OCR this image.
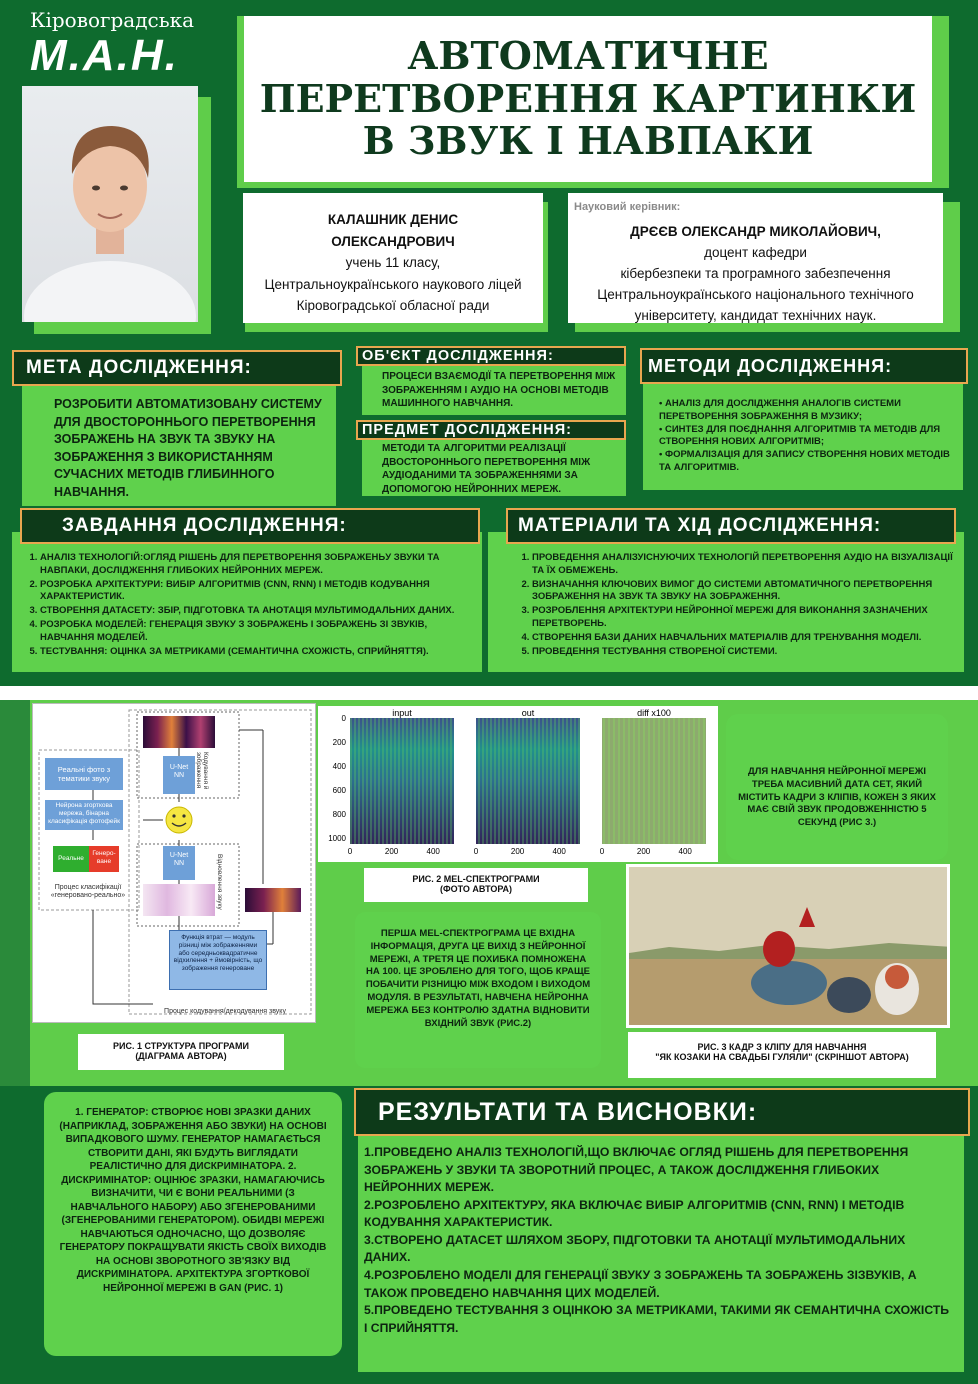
Кіровоградська
М.А.Н.	АВТОМАТИЧНЕ
ПЕРЕТВОРЕННЯ КАРТИНКИ
В ЗВУК І НАВПАКИ
КАЛАШНИК ДЕНИС
ОЛЕКСАНДРОВИЧ
учень 11 класу,
Центральноукраїнського наукового ліцей
Кіровоградської обласної ради
Науковий керівник:
ДРЄЄВ ОЛЕКСАНДР МИКОЛАЙОВИЧ,
доцент кафедри
кібербезпеки та програмного забезпечення
Центральноукраїнського національного технічного
університету, кандидат технічних наук.
РОЗРОБИТИ АВТОМАТИЗОВАНУ СИСТЕМУ ДЛЯ ДВОСТОРОННЬОГО ПЕРЕТВОРЕННЯ ЗОБРАЖЕНЬ НА ЗВУК ТА ЗВУКУ НА ЗОБРАЖЕННЯ З ВИКОРИСТАННЯМ СУЧАСНИХ МЕТОДІВ ГЛИБИННОГО НАВЧАННЯ.
МЕТА ДОСЛІДЖЕННЯ:	ПРОЦЕСИ ВЗАЄМОДІЇ ТА ПЕРЕТВОРЕННЯ МІЖ ЗОБРАЖЕННЯМ І АУДІО НА ОСНОВІ МЕТОДІВ МАШИННОГО НАВЧАННЯ.
ОБ'ЄКТ ДОСЛІДЖЕННЯ:
МЕТОДИ ТА АЛГОРИТМИ РЕАЛІЗАЦІЇ ДВОСТОРОННЬОГО ПЕРЕТВОРЕННЯ МІЖ АУДІОДАНИМИ ТА ЗОБРАЖЕННЯМИ ЗА ДОПОМОГОЮ НЕЙРОННИХ МЕРЕЖ.
ПРЕДМЕТ ДОСЛІДЖЕННЯ:
• АНАЛІЗ ДЛЯ ДОСЛІДЖЕННЯ АНАЛОГІВ СИСТЕМИ ПЕРЕТВОРЕННЯ ЗОБРАЖЕННЯ В МУЗИКУ;
• СИНТЕЗ ДЛЯ ПОЄДНАННЯ АЛГОРИТМІВ ТА МЕТОДІВ ДЛЯ СТВОРЕННЯ НОВИХ АЛГОРИТМІВ;
• ФОРМАЛІЗАЦІЯ ДЛЯ ЗАПИСУ СТВОРЕННЯ НОВИХ МЕТОДІВ ТА АЛГОРИТМІВ.
МЕТОДИ ДОСЛІДЖЕННЯ:
1. АНАЛІЗ ТЕХНОЛОГІЙ:ОГЛЯД РІШЕНЬ ДЛЯ ПЕРЕТВОРЕННЯ ЗОБРАЖЕНЬУ ЗВУКИ ТА НАВПАКИ, ДОСЛІДЖЕННЯ ГЛИБОКИХ НЕЙРОННИХ МЕРЕЖ.
2. РОЗРОБКА АРХІТЕКТУРИ: ВИБІР АЛГОРИТМІВ (CNN, RNN) І МЕТОДІВ КОДУВАННЯ ХАРАКТЕРИСТИК.
3. СТВОРЕННЯ ДАТАСЕТУ: ЗБІР, ПІДГОТОВКА ТА АНОТАЦІЯ МУЛЬТИМОДАЛЬНИХ ДАНИХ.
4. РОЗРОБКА МОДЕЛЕЙ: ГЕНЕРАЦІЯ ЗВУКУ З ЗОБРАЖЕНЬ І ЗОБРАЖЕНЬ ЗІ ЗВУКІВ, НАВЧАННЯ МОДЕЛЕЙ.
5. ТЕСТУВАННЯ: ОЦІНКА ЗА МЕТРИКАМИ (СЕМАНТИЧНА СХОЖІСТЬ, СПРИЙНЯТТЯ).
ЗАВДАННЯ ДОСЛІДЖЕННЯ:
1. ПРОВЕДЕННЯ АНАЛІЗУІСНУЮЧИХ ТЕХНОЛОГІЙ ПЕРЕТВОРЕННЯ АУДІО НА ВІЗУАЛІЗАЦІЇ ТА ЇХ ОБМЕЖЕНЬ.
2. ВИЗНАЧАННЯ КЛЮЧОВИХ ВИМОГ ДО СИСТЕМИ АВТОМАТИЧНОГО ПЕРЕТВОРЕННЯ ЗОБРАЖЕННЯ НА ЗВУК ТА ЗВУКУ НА ЗОБРАЖЕННЯ.
3. РОЗРОБЛЕННЯ АРХІТЕКТУРИ НЕЙРОННОЇ МЕРЕЖІ ДЛЯ ВИКОНАННЯ ЗАЗНАЧЕНИХ ПЕРЕТВОРЕНЬ.
4. СТВОРЕННЯ БАЗИ ДАНИХ НАВЧАЛЬНИХ МАТЕРІАЛІВ ДЛЯ ТРЕНУВАННЯ МОДЕЛІ.
5. ПРОВЕДЕННЯ ТЕСТУВАННЯ СТВОРЕНОЇ СИСТЕМИ.
МАТЕРІАЛИ ТА ХІД ДОСЛІДЖЕННЯ:
Реальні фото з тематики звуку
Нейрона згорткова мережа, бінарна класифікація фотофейк
Реальне
Генеро-ване
Процес класифікації «генеровано-реально»
U-Net NN
U-Net NN
Кодування й зображення
Відновлення звуку
Функція втрат — модуль різниці між зображеннями або середньоквадратичне відхилення + ймовірність, що зображення генероване
Процес кодування/декодування звуку
РИС. 1 СТРУКТУРА ПРОГРАМИ
(ДІАГРАМА АВТОРА)
input
0	200	400
out
0	200	400
diff x100
0	200	400
0
200
400
600
800
1000
РИС. 2 MEL-СПЕКТРОГРАМИ
(ФОТО АВТОРА)
ПЕРША MEL-СПЕКТРОГРАМА ЦЕ ВХІДНА ІНФОРМАЦІЯ, ДРУГА ЦЕ ВИХІД З НЕЙРОННОЇ МЕРЕЖІ, А ТРЕТЯ ЦЕ ПОХИБКА ПОМНОЖЕНА НА 100. ЦЕ ЗРОБЛЕНО ДЛЯ ТОГО, ЩОБ КРАЩЕ ПОБАЧИТИ РІЗНИЦЮ МІЖ ВХОДОМ І ВИХОДОМ МОДУЛЯ. В РЕЗУЛЬТАТІ, НАВЧЕНА НЕЙРОННА МЕРЕЖА БЕЗ КОНТРОЛЮ ЗДАТНА ВІДНОВИТИ ВХІДНИЙ ЗВУК (РИС.2)
ДЛЯ НАВЧАННЯ НЕЙРОННОЇ МЕРЕЖІ ТРЕБА МАСИВНИЙ ДАТА СЕТ, ЯКИЙ МІСТИТЬ КАДРИ З КЛІПІВ, КОЖЕН З ЯКИХ МАЄ СВІЙ ЗВУК ПРОДОВЖЕННІСТЮ 5 СЕКУНД (РИС 3.)
РИС. 3 КАДР З КЛІПУ ДЛЯ НАВЧАННЯ
"ЯК КОЗАКИ НА СВАДЬБІ ГУЛЯЛИ" (СКРІНШОТ АВТОРА)
1. ГЕНЕРАТОР: СТВОРЮЄ НОВІ ЗРАЗКИ ДАНИХ (НАПРИКЛАД, ЗОБРАЖЕННЯ АБО ЗВУКИ) НА ОСНОВІ ВИПАДКОВОГО ШУМУ. ГЕНЕРАТОР НАМАГАЄТЬСЯ СТВОРИТИ ДАНІ, ЯКІ БУДУТЬ ВИГЛЯДАТИ РЕАЛІСТИЧНО ДЛЯ ДИСКРИМІНАТОРА. 2. ДИСКРИМІНАТОР: ОЦІНЮЄ ЗРАЗКИ, НАМАГАЮЧИСЬ ВИЗНАЧИТИ, ЧИ Є ВОНИ РЕАЛЬНИМИ (З НАВЧАЛЬНОГО НАБОРУ) АБО ЗГЕНЕРОВАНИМИ (ЗГЕНЕРОВАНИМИ ГЕНЕРАТОРОМ). ОБИДВІ МЕРЕЖІ НАВЧАЮТЬСЯ ОДНОЧАСНО, ЩО ДОЗВОЛЯЄ ГЕНЕРАТОРУ ПОКРАЩУВАТИ ЯКІСТЬ СВОЇХ ВИХОДІВ НА ОСНОВІ ЗВОРОТНОГО ЗВ'ЯЗКУ ВІД ДИСКРИМІНАТОРА. АРХІТЕКТУРА ЗГОРТКОВОЇ НЕЙРОННОЇ МЕРЕЖІ В GAN (РИС. 1)
1.ПРОВЕДЕНО АНАЛІЗ ТЕХНОЛОГІЙ,ЩО ВКЛЮЧАЄ ОГЛЯД РІШЕНЬ ДЛЯ ПЕРЕТВОРЕННЯ ЗОБРАЖЕНЬ У ЗВУКИ ТА ЗВОРОТНИЙ ПРОЦЕС, А ТАКОЖ ДОСЛІДЖЕННЯ ГЛИБОКИХ НЕЙРОННИХ МЕРЕЖ.
2.РОЗРОБЛЕНО АРХІТЕКТУРУ, ЯКА ВКЛЮЧАЄ ВИБІР АЛГОРИТМІВ (CNN, RNN) І МЕТОДІВ КОДУВАННЯ ХАРАКТЕРИСТИК.
3.СТВОРЕНО ДАТАСЕТ ШЛЯХОМ ЗБОРУ, ПІДГОТОВКИ ТА АНОТАЦІЇ МУЛЬТИМОДАЛЬНИХ ДАНИХ.
4.РОЗРОБЛЕНО МОДЕЛІ ДЛЯ ГЕНЕРАЦІЇ ЗВУКУ З ЗОБРАЖЕНЬ ТА ЗОБРАЖЕНЬ ЗІЗВУКІВ, А ТАКОЖ ПРОВЕДЕНО НАВЧАННЯ ЦИХ МОДЕЛЕЙ.
5.ПРОВЕДЕНО ТЕСТУВАННЯ З ОЦІНКОЮ ЗА МЕТРИКАМИ, ТАКИМИ ЯК СЕМАНТИЧНА СХОЖІСТЬ І СПРИЙНЯТТЯ.
РЕЗУЛЬТАТИ ТА ВИСНОВКИ:
